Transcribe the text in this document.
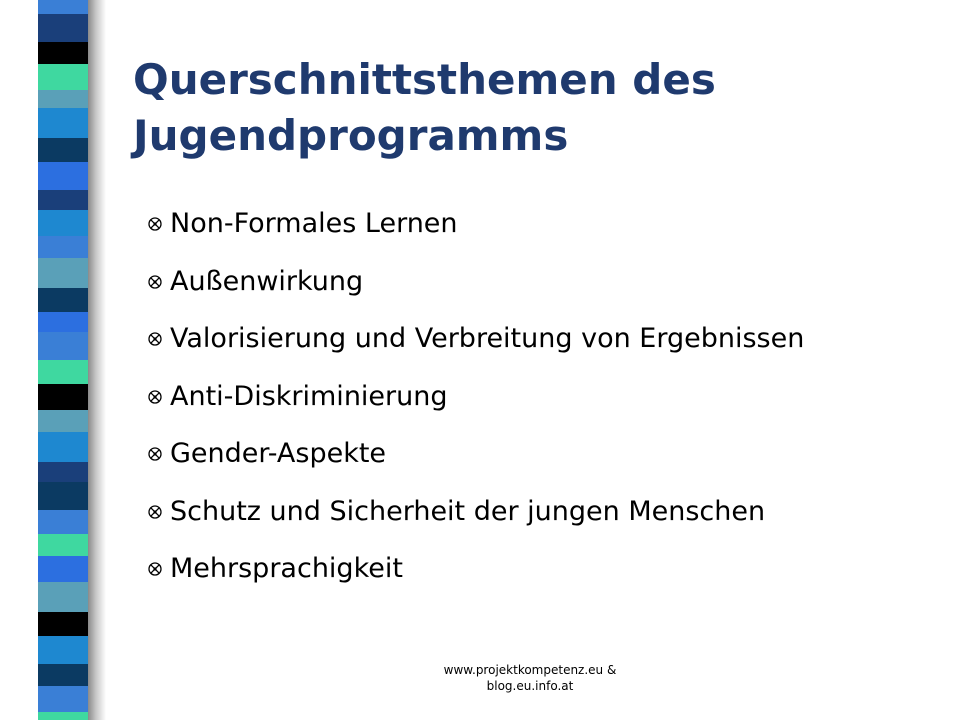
Querschnittsthemen des
Jugendprogramms
Non-Formales Lernen
Außenwirkung
Valorisierung und Verbreitung von Ergebnissen
Anti-Diskriminierung
Gender-Aspekte
Schutz und Sicherheit der jungen Menschen
Mehrsprachigkeit
www.projektkompetenz.eu &
blog.eu.info.at
